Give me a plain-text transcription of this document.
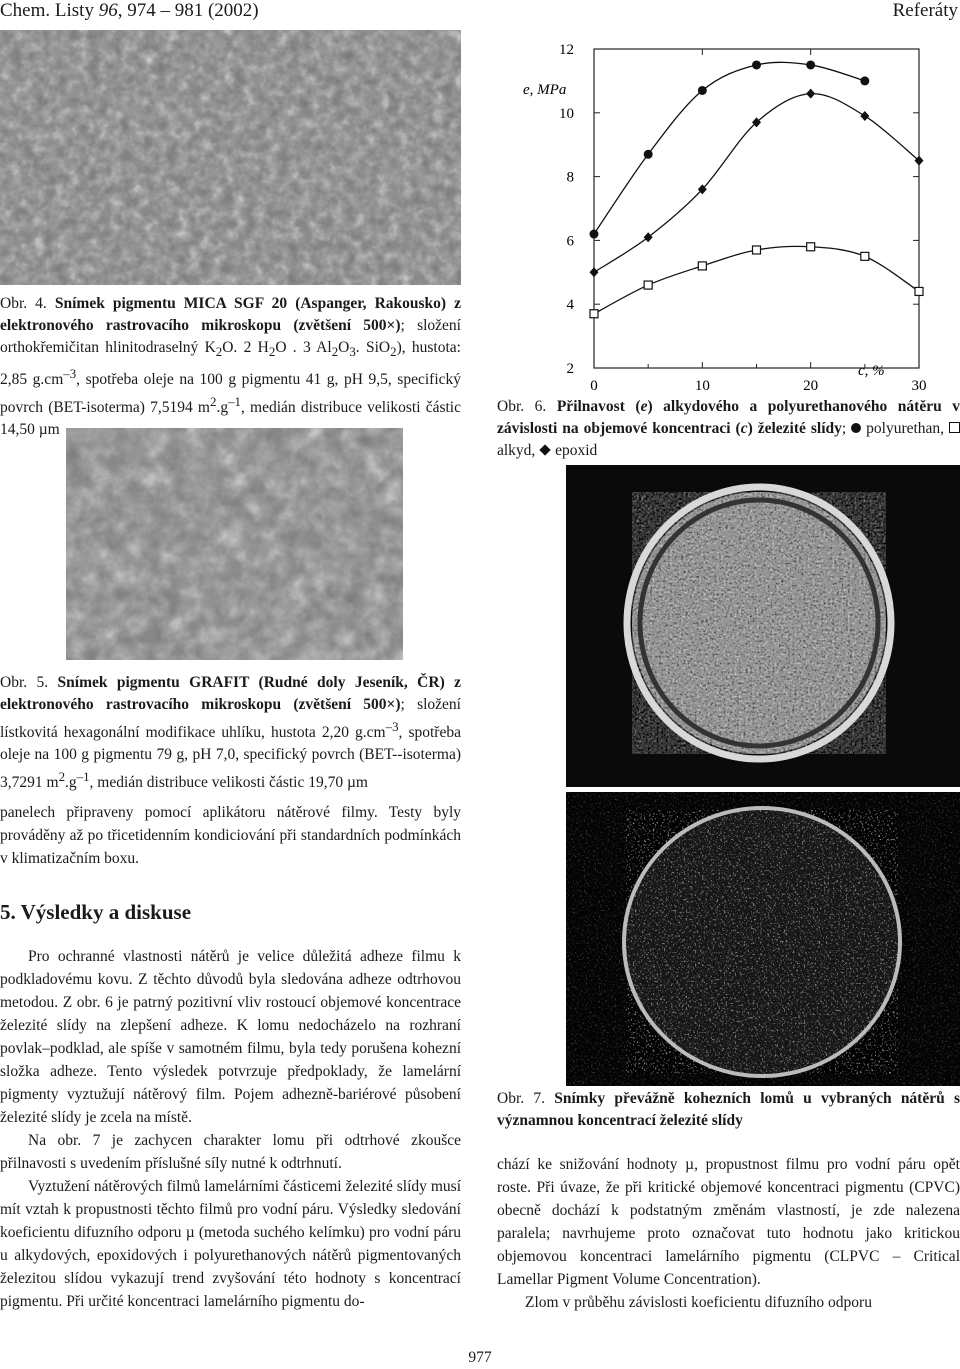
Chem. Listy 96, 974 – 981 (2002)	Referáty
Obr. 4. Snímek pigmentu MICA SGF 20 (Aspanger, Rakousko) z elektronového rastrovacího mikroskopu (zvětšení 500×); složení orthokřemičitan hlinitodraselný $K_2O$. 2 $H_2O$ . 3 $Al_2O_3$. SiO$_2$), hustota: 2,85 $g.cm^{-3}$, spotřeba oleje na 100 g pigmentu 41 g, pH 9,5, specifický povrch (BET-isoterma) 7,5194 $m^2.g^{-1}$, medián distribuce velikosti částic 14,50 µm
Obr. 5. Snímek pigmentu GRAFIT (Rudné doly Jeseník, ČR) z elektronového rastrovacího mikroskopu (zvětšení 500×); složení lístkovitá hexagonální modifikace uhlíku, hustota 2,20 $g.cm^{-3}$, spotřeba oleje na 100 g pigmentu 79 g, pH 7,0, specifický povrch (BET--isoterma) 3,7291 $m^2.g^{-1}$, medián distribuce velikosti částic 19,70 µm
e, MPa
c, %
2
4
6
8
10
12
0	10	20	30
Obr. 6. Přilnavost (e) alkydového a polyurethanového nátěru v závislosti na objemové koncentraci (c) železité slídy;  polyurethan,  alkyd,  epoxid
Obr. 7. Snímky převážně kohezních lomů u vybraných nátěrů s významnou koncentrací železité slídy

panelech připraveny pomocí aplikátoru nátěrové filmy. Testy byly prováděny až po třicetidenním kondiciování při standardních podmínkách v klimatizačním boxu.

5. Výsledky a diskuse

Pro ochranné vlastnosti nátěrů je velice důležitá adheze filmu k podkladovému kovu. Z těchto důvodů byla sledována adheze odtrhovou metodou. Z obr. 6 je patrný pozitivní vliv rostoucí objemové koncentrace železité slídy na zlepšení adheze. K lomu nedocházelo na rozhraní povlak–podklad, ale spíše v samotném filmu, byla tedy porušena kohezní složka adheze. Tento výsledek potvrzuje předpoklady, že lamelární pigmenty vyztužují nátěrový film. Pojem adhezně-bariérové působení železité slídy je zcela na místě.

Na obr. 7 je zachycen charakter lomu při odtrhové zkoušce přilnavosti s uvedením příslušné síly nutné k odtrhnutí.

Vyztužení nátěrových filmů lamelárními částicemi železité slídy musí mít vztah k propustnosti těchto filmů pro vodní páru. Výsledky sledování koeficientu difuzního odporu µ (metoda suchého kelímku) pro vodní páru u alkydových, epoxidových i polyurethanových nátěrů pigmentovaných železitou slídou vykazují trend zvyšování této hodnoty s koncentrací pigmentu. Při určité koncentraci lamelárního pigmentu do-

chází ke snižování hodnoty µ, propustnost filmu pro vodní páru opět roste. Při úvaze, že při kritické objemové koncentraci pigmentu (CPVC) obecně dochází k podstatným změnám vlastností, je zde nalezena paralela; navrhujeme proto označovat tuto hodnotu jako kritickou objemovou koncentraci lamelárního pigmentu (CLPVC – Critical Lamellar Pigment Volume Concentration).

Zlom v průběhu závislosti koeficientu difuzního odporu

977
